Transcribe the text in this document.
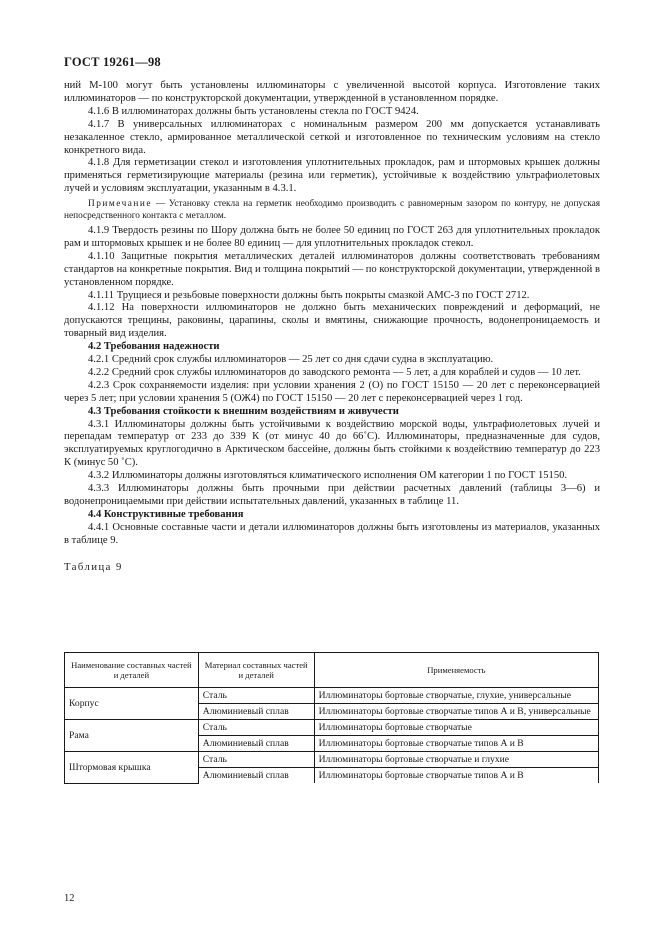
ГОСТ 19261—98

ний М-100 могут быть установлены иллюминаторы с увеличенной высотой корпуса. Изготовление таких иллюминаторов — по конструкторской документации, утвержденной в установленном порядке.

4.1.6 В иллюминаторах должны быть установлены стекла по ГОСТ 9424.

4.1.7 В универсальных иллюминаторах с номинальным размером 200 мм допускается устанавливать незакаленное стекло, армированное металлической сеткой и изготовленное по техническим условиям на стекло конкретного вида.

4.1.8 Для герметизации стекол и изготовления уплотнительных прокладок, рам и штормовых крышек должны применяться герметизирующие материалы (резина или герметик), устойчивые к воздействию ультрафиолетовых лучей и условиям эксплуатации, указанным в 4.3.1.

Примечание — Установку стекла на герметик необходимо производить с равномерным зазором по контуру, не допуская непосредственного контакта с металлом.

4.1.9 Твердость резины по Шору должна быть не более 50 единиц по ГОСТ 263 для уплотнительных прокладок рам и штормовых крышек и не более 80 единиц — для уплотнительных прокладок стекол.

4.1.10 Защитные покрытия металлических деталей иллюминаторов должны соответствовать требованиям стандартов на конкретные покрытия. Вид и толщина покрытий — по конструкторской документации, утвержденной в установленном порядке.

4.1.11 Трущиеся и резьбовые поверхности должны быть покрыты смазкой АМС-3 по ГОСТ 2712.

4.1.12 На поверхности иллюминаторов не должно быть механических повреждений и деформаций, не допускаются трещины, раковины, царапины, сколы и вмятины, снижающие прочность, водонепроницаемость и товарный вид изделия.

4.2 Требования надежности

4.2.1 Средний срок службы иллюминаторов — 25 лет со дня сдачи судна в эксплуатацию.

4.2.2 Средний срок службы иллюминаторов до заводского ремонта — 5 лет, а для кораблей и судов — 10 лет.

4.2.3 Срок сохраняемости изделия: при условии хранения 2 (О) по ГОСТ 15150 — 20 лет с переконсервацией через 5 лет; при условии хранения 5 (ОЖ4) по ГОСТ 15150 — 20 лет с переконсервацией через 1 год.

4.3 Требования стойкости к внешним воздействиям и живучести

4.3.1 Иллюминаторы должны быть устойчивыми к воздействию морской воды, ультрафиолетовых лучей и перепадам температур от 233 до 339 К (от минус 40 до 66˚С). Иллюминаторы, предназначенные для судов, эксплуатируемых круглогодично в Арктическом бассейне, должны быть стойкими к воздействию температур до 223 К (минус 50 ˚С).

4.3.2 Иллюминаторы должны изготовляться климатического исполнения ОМ категории 1 по ГОСТ 15150.

4.3.3 Иллюминаторы должны быть прочными при действии расчетных давлений (таблицы 3—6) и водонепроницаемыми при действии испытательных давлений, указанных в таблице 11.

4.4 Конструктивные требования

4.4.1 Основные составные части и детали иллюминаторов должны быть изготовлены из материалов, указанных в таблице 9.

Таблица 9

Наименование составных частей и деталей	Материал составных частей и деталей	Применяемость
Корпус	Сталь	Иллюминаторы бортовые створчатые, глухие, универсальные
	Алюминиевый сплав	Иллюминаторы бортовые створчатые типов А и В, универсальные
Рама	Сталь	Иллюминаторы бортовые створчатые
	Алюминиевый сплав	Иллюминаторы бортовые створчатые типов А и В
Штормовая крышка	Сталь	Иллюминаторы бортовые створчатые и глухие
	Алюминиевый сплав	Иллюминаторы бортовые створчатые типов А и В
12
